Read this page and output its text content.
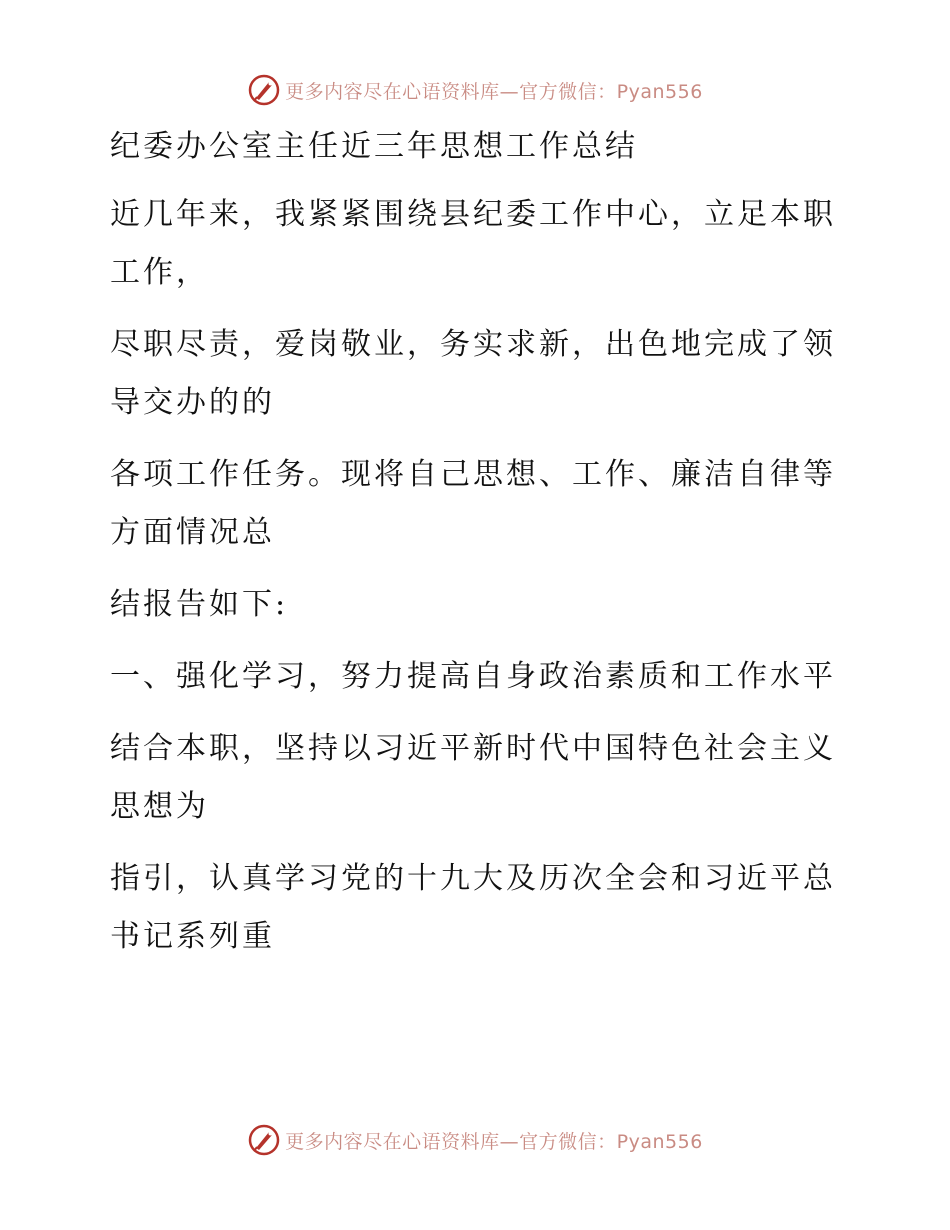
更多内容尽在心语资料库—官方微信：Pyan556
纪委办公室主任近三年思想工作总结
近几年来，我紧紧围绕县纪委工作中心，立足本职工作，
尽职尽责，爱岗敬业，务实求新，出色地完成了领导交办的的
各项工作任务。现将自己思想、工作、廉洁自律等方面情况总
结报告如下:
一、强化学习，努力提高自身政治素质和工作水平
结合本职，坚持以习近平新时代中国特色社会主义思想为
指引，认真学习党的十九大及历次全会和习近平总书记系列重
更多内容尽在心语资料库—官方微信：Pyan556
